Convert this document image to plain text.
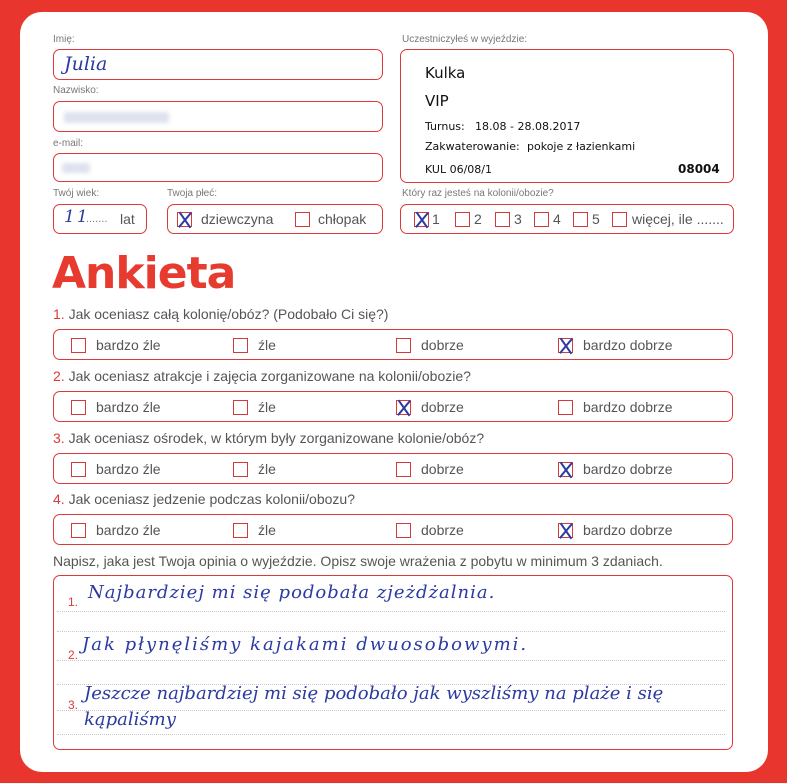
Imię:
Julia
Nazwisko:
e-mail:
Twój wiek:
11
....... lat
Twoja płeć:
dziewczyna	chłopak
Uczestniczyłeś w wyjeździe:
Kulka
VIP
Turnus: 18.08 - 28.08.2017
Zakwaterowanie: pokoje z łazienkami
KUL 06/08/1	08004
Który raz jesteś na kolonii/obozie?
1 2 3 4 5 więcej, ile .......
Ankieta
1. Jak oceniasz całą kolonię/obóz? (Podobało Ci się?)
bardzo źle	źle	dobrze	bardzo dobrze
2. Jak oceniasz atrakcje i zajęcia zorganizowane na kolonii/obozie?
bardzo źle	źle	dobrze	bardzo dobrze
3. Jak oceniasz ośrodek, w którym były zorganizowane kolonie/obóz?
bardzo źle	źle	dobrze	bardzo dobrze
4. Jak oceniasz jedzenie podczas kolonii/obozu?
bardzo źle	źle	dobrze	bardzo dobrze
Napisz, jaka jest Twoja opinia o wyjeździe. Opisz swoje wrażenia z pobytu w minimum 3 zdaniach.
1. Najbardziej mi się podobała zjeżdżalnia.
2. Jak płynęliśmy kajakami dwuosobowymi.
3.
Jeszcze najbardziej mi się podobało jak wyszliśmy na plaże i się kąpaliśmy
